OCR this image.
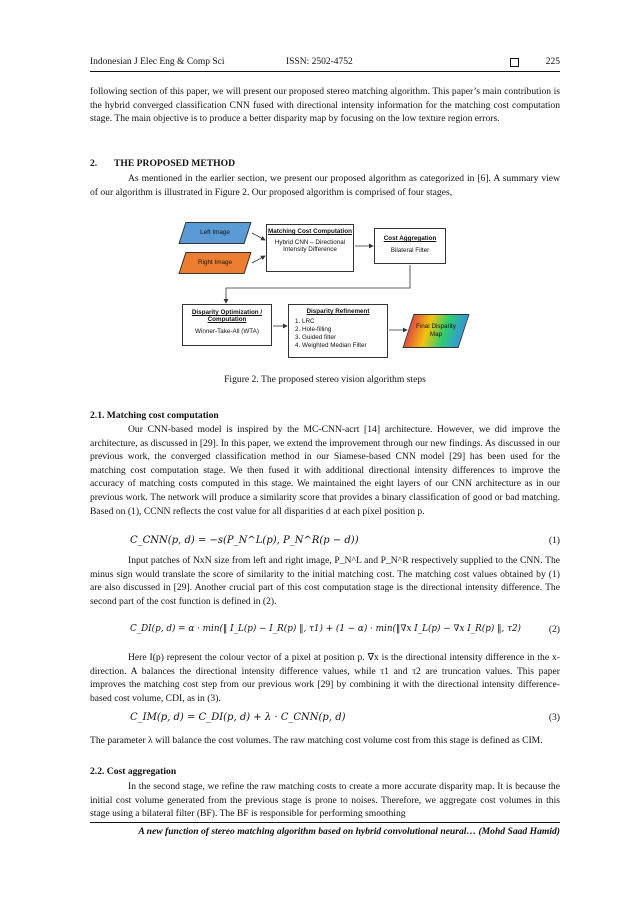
Indonesian J Elec Eng & Comp Sci	ISSN: 2502-4752	225
following section of this paper, we will present our proposed stereo matching algorithm. This paper’s main contribution is the hybrid converged classification CNN fused with directional intensity information for the matching cost computation stage. The main objective is to produce a better disparity map by focusing on the low texture region errors.
2. THE PROPOSED METHOD
As mentioned in the earlier section, we present our proposed algorithm as categorized in [6]. A summary view of our algorithm is illustrated in Figure 2. Our proposed algorithm is comprised of four stages,
Left Image
Right Image
Matching Cost Computation
Hybrid CNN – Directional Intensity Difference
Cost Aggregation
Bilateral Filter
Disparity Optimization / Computation
Winner-Take-All (WTA)
Disparity Refinement
1. LRC
2. Hole-filling
3. Guided filter
4. Weighted Median Filter
Final Disparity Map
Figure 2. The proposed stereo vision algorithm steps
2.1. Matching cost computation
Our CNN-based model is inspired by the MC-CNN-acrt [14] architecture. However, we did improve the architecture, as discussed in [29]. In this paper, we extend the improvement through our new findings. As discussed in our previous work, the converged classification method in our Siamese-based CNN model [29] has been used for the matching cost computation stage. We then fused it with additional directional intensity differences to improve the accuracy of matching costs computed in this stage. We maintained the eight layers of our CNN architecture as in our previous work. The network will produce a similarity score that provides a binary classification of good or bad matching. Based on (1), CCNN reflects the cost value for all disparities d at each pixel position p.
C_CNN(p, d) = −s(P_N^L(p), P_N^R(p − d))	(1)
Input patches of NxN size from left and right image, P_N^L and P_N^R respectively supplied to the CNN. The minus sign would translate the score of similarity to the initial matching cost. The matching cost values obtained by (1) are also discussed in [29]. Another crucial part of this cost computation stage is the directional intensity difference. The second part of the cost function is defined in (2).
C_DI(p, d) = α · min(‖ I_L(p) − I_R(p) ‖, τ1) + (1 − α) · min(‖∇x I_L(p) − ∇x I_R(p) ‖, τ2)	(2)
Here I(p) represent the colour vector of a pixel at position p. ∇x is the directional intensity difference in the x-direction. A balances the directional intensity difference values, while τ1 and τ2 are truncation values. This paper improves the matching cost step from our previous work [29] by combining it with the directional intensity difference-based cost volume, CDI, as in (3).
C_IM(p, d) = C_DI(p, d) + λ · C_CNN(p, d)	(3)
The parameter λ will balance the cost volumes. The raw matching cost volume cost from this stage is defined as CIM.
2.2. Cost aggregation
In the second stage, we refine the raw matching costs to create a more accurate disparity map. It is because the initial cost volume generated from the previous stage is prone to noises. Therefore, we aggregate cost volumes in this stage using a bilateral filter (BF). The BF is responsible for performing smoothing
A new function of stereo matching algorithm based on hybrid convolutional neural… (Mohd Saad Hamid)
